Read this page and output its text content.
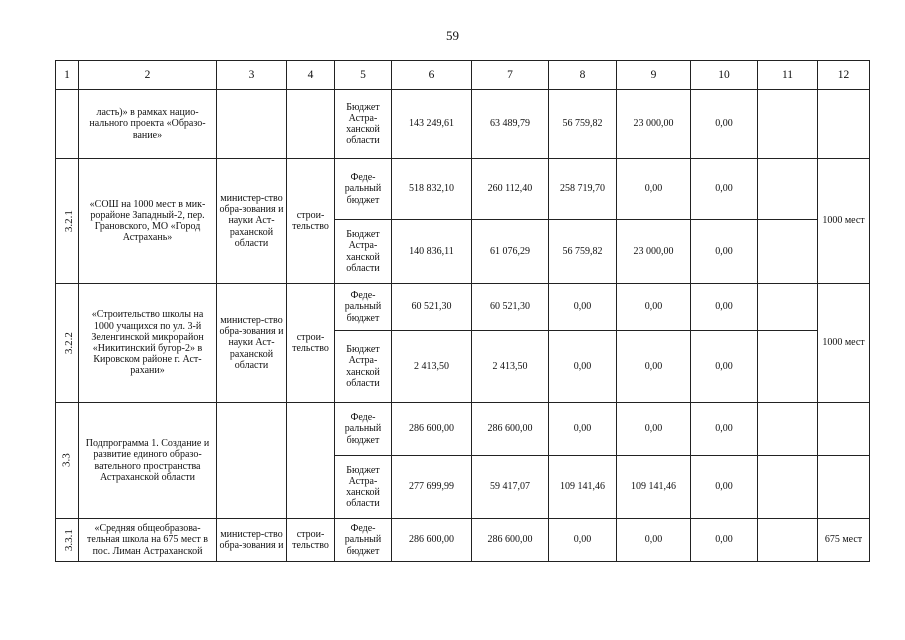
59
1	2	3	4	5	6	7	8	9	10	11	12
	ласть)» в рамках нацио-нального проекта «Образо-вание»			Бюджет Астра-ханской области	143 249,61	63 489,79	56 759,82	23 000,00	0,00		
3.2.1	«СОШ на 1000 мест в мик-рорайоне Западный-2, пер. Грановского, МО «Город Астрахань»	министер-ство обра-зования и науки Аст-раханской области	строи-тельство	Феде-ральный бюджет	518 832,10	260 112,40	258 719,70	0,00	0,00		1000 мест
				Бюджет Астра-ханской области	140 836,11	61 076,29	56 759,82	23 000,00	0,00		
3.2.2	«Строительство школы на 1000 учащихся по ул. 3-й Зеленгинской микрорайон «Никитинский бугор-2» в Кировском районе г. Аст-рахани»	министер-ство обра-зования и науки Аст-раханской области	строи-тельство	Феде-ральный бюджет	60 521,30	60 521,30	0,00	0,00	0,00		1000 мест
				Бюджет Астра-ханской области	2 413,50	2 413,50	0,00	0,00	0,00		
3.3	Подпрограмма 1. Создание и развитие единого образо-вательного пространства Астраханской области			Феде-ральный бюджет	286 600,00	286 600,00	0,00	0,00	0,00		
				Бюджет Астра-ханской области	277 699,99	59 417,07	109 141,46	109 141,46	0,00		
3.3.1	«Средняя общеобразова-тельная школа на 675 мест в пос. Лиман Астраханской	министер-ство обра-зования и	строи-тельство	Феде-ральный бюджет	286 600,00	286 600,00	0,00	0,00	0,00		675 мест
